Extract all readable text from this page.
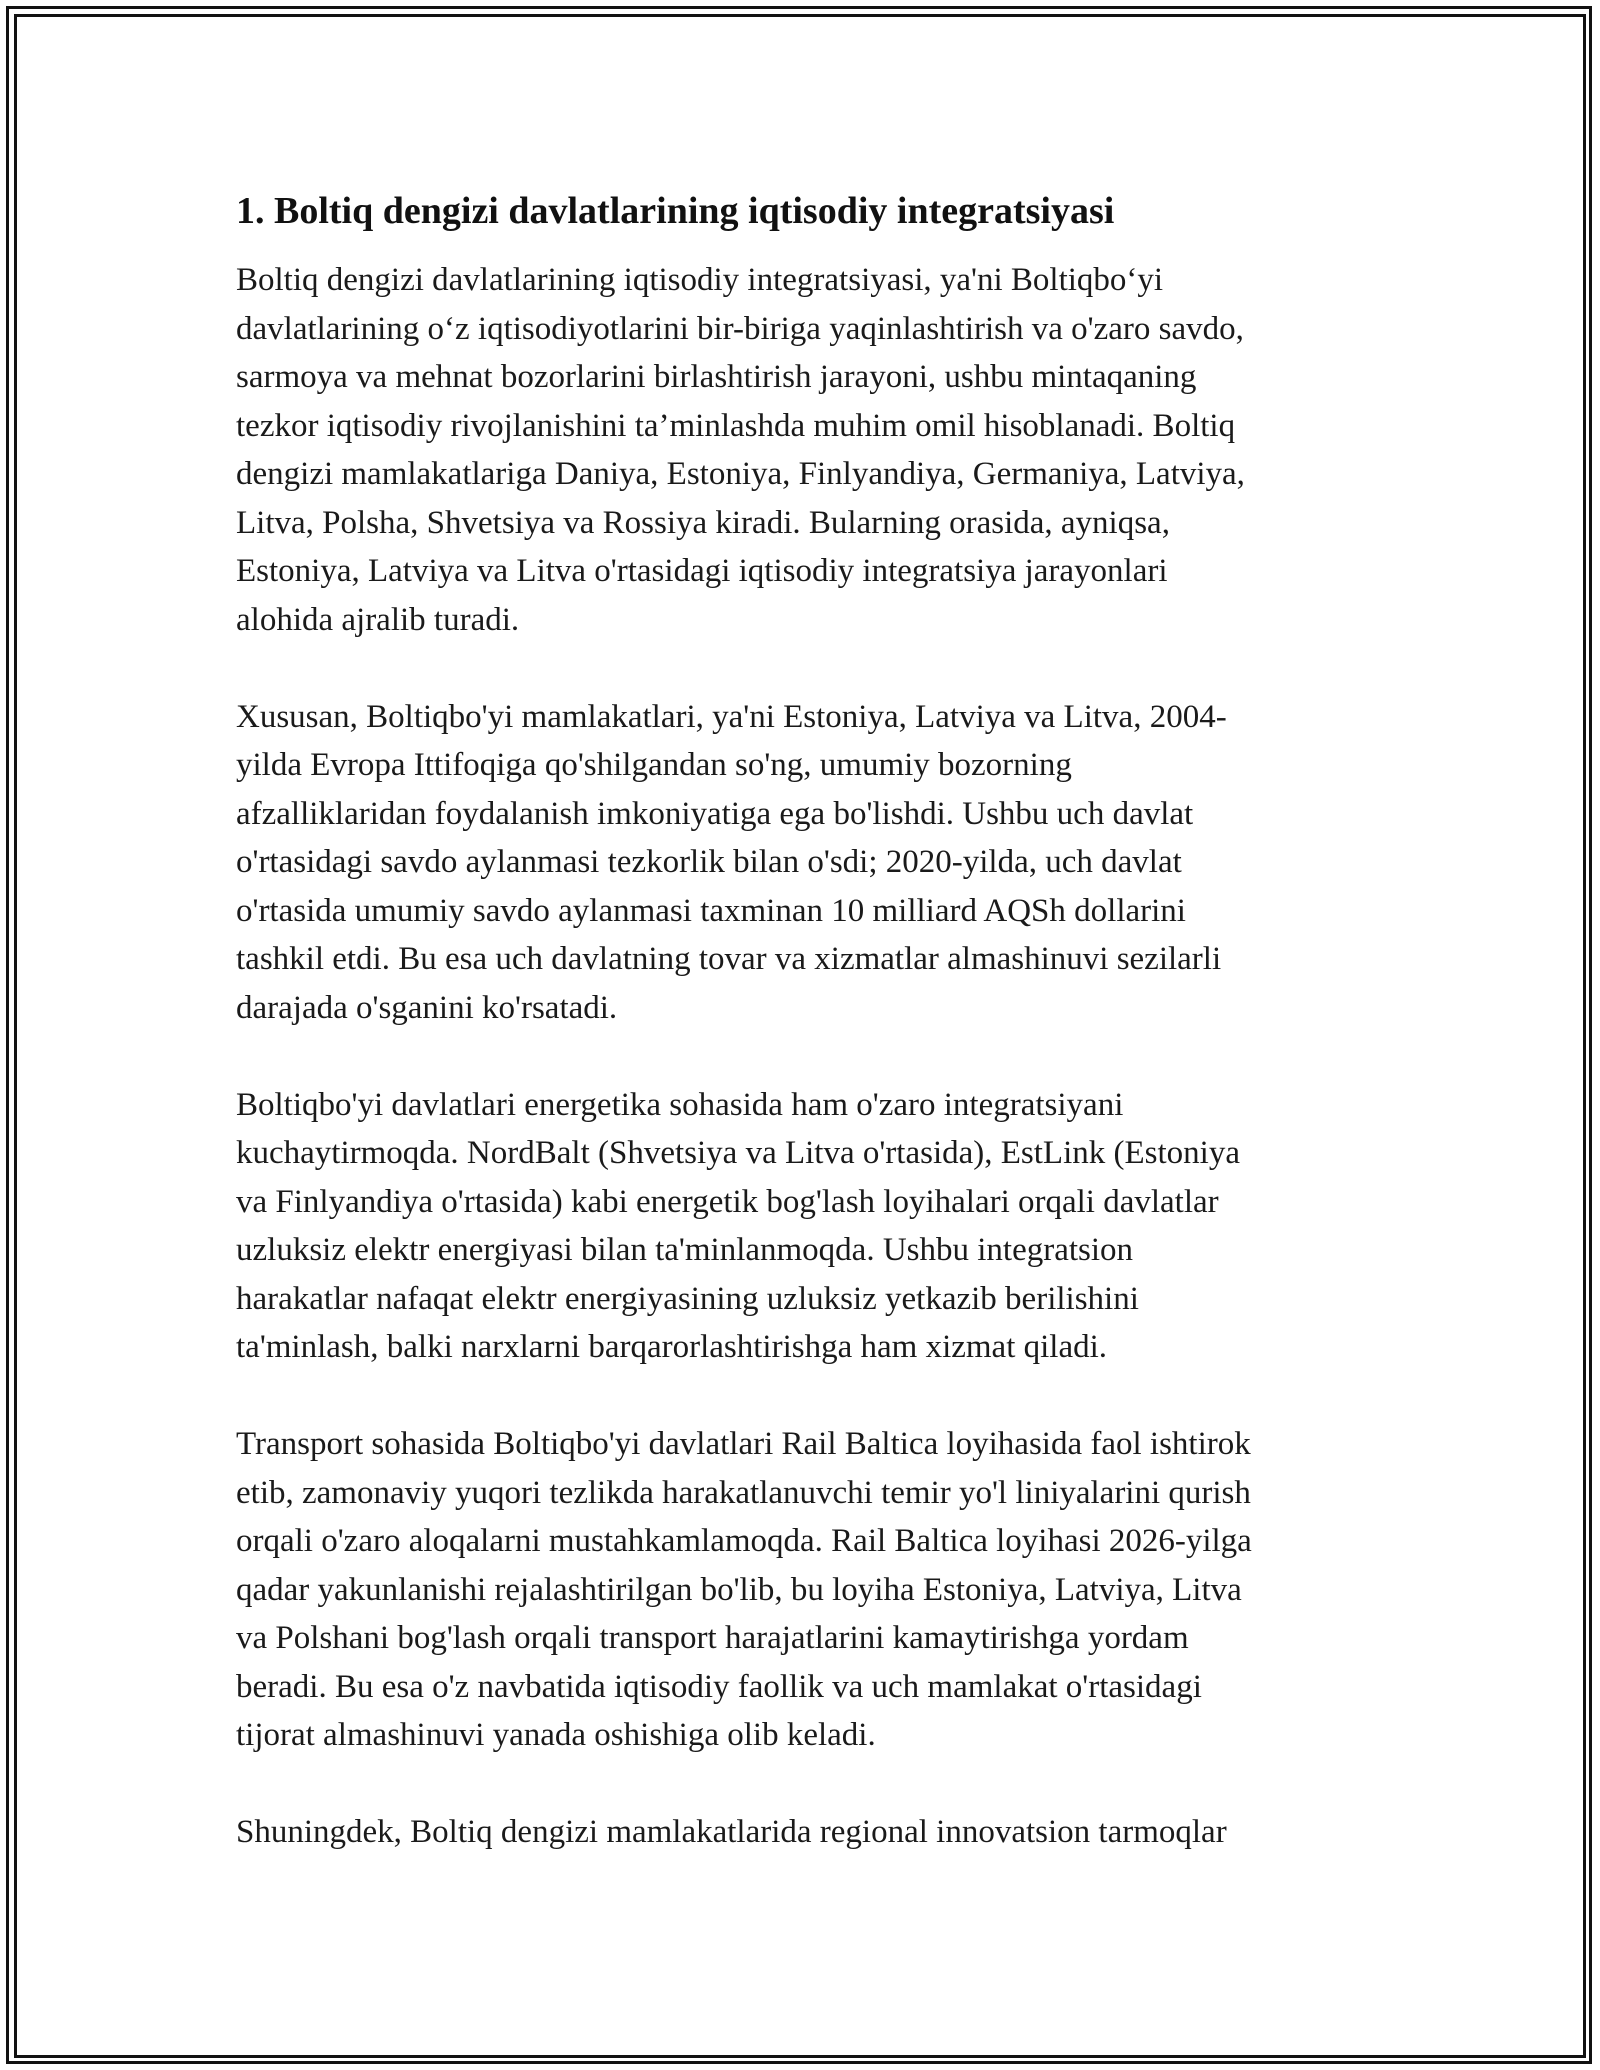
1. Boltiq dengizi davlatlarining iqtisodiy integratsiyasi

Boltiq dengizi davlatlarining iqtisodiy integratsiyasi, ya'ni Boltiqbo‘yi
davlatlarining o‘z iqtisodiyotlarini bir-biriga yaqinlashtirish va o'zaro savdo,
sarmoya va mehnat bozorlarini birlashtirish jarayoni, ushbu mintaqaning
tezkor iqtisodiy rivojlanishini ta’minlashda muhim omil hisoblanadi. Boltiq
dengizi mamlakatlariga Daniya, Estoniya, Finlyandiya, Germaniya, Latviya,
Litva, Polsha, Shvetsiya va Rossiya kiradi. Bularning orasida, ayniqsa,
Estoniya, Latviya va Litva o'rtasidagi iqtisodiy integratsiya jarayonlari
alohida ajralib turadi.

Xususan, Boltiqbo'yi mamlakatlari, ya'ni Estoniya, Latviya va Litva, 2004-
yilda Evropa Ittifoqiga qo'shilgandan so'ng, umumiy bozorning
afzalliklaridan foydalanish imkoniyatiga ega bo'lishdi. Ushbu uch davlat
o'rtasidagi savdo aylanmasi tezkorlik bilan o'sdi; 2020-yilda, uch davlat
o'rtasida umumiy savdo aylanmasi taxminan 10 milliard AQSh dollarini
tashkil etdi. Bu esa uch davlatning tovar va xizmatlar almashinuvi sezilarli
darajada o'sganini ko'rsatadi.

Boltiqbo'yi davlatlari energetika sohasida ham o'zaro integratsiyani
kuchaytirmoqda. NordBalt (Shvetsiya va Litva o'rtasida), EstLink (Estoniya
va Finlyandiya o'rtasida) kabi energetik bog'lash loyihalari orqali davlatlar
uzluksiz elektr energiyasi bilan ta'minlanmoqda. Ushbu integratsion
harakatlar nafaqat elektr energiyasining uzluksiz yetkazib berilishini
ta'minlash, balki narxlarni barqarorlashtirishga ham xizmat qiladi.

Transport sohasida Boltiqbo'yi davlatlari Rail Baltica loyihasida faol ishtirok
etib, zamonaviy yuqori tezlikda harakatlanuvchi temir yo'l liniyalarini qurish
orqali o'zaro aloqalarni mustahkamlamoqda. Rail Baltica loyihasi 2026-yilga
qadar yakunlanishi rejalashtirilgan bo'lib, bu loyiha Estoniya, Latviya, Litva
va Polshani bog'lash orqali transport harajatlarini kamaytirishga yordam
beradi. Bu esa o'z navbatida iqtisodiy faollik va uch mamlakat o'rtasidagi
tijorat almashinuvi yanada oshishiga olib keladi.

Shuningdek, Boltiq dengizi mamlakatlarida regional innovatsion tarmoqlar
